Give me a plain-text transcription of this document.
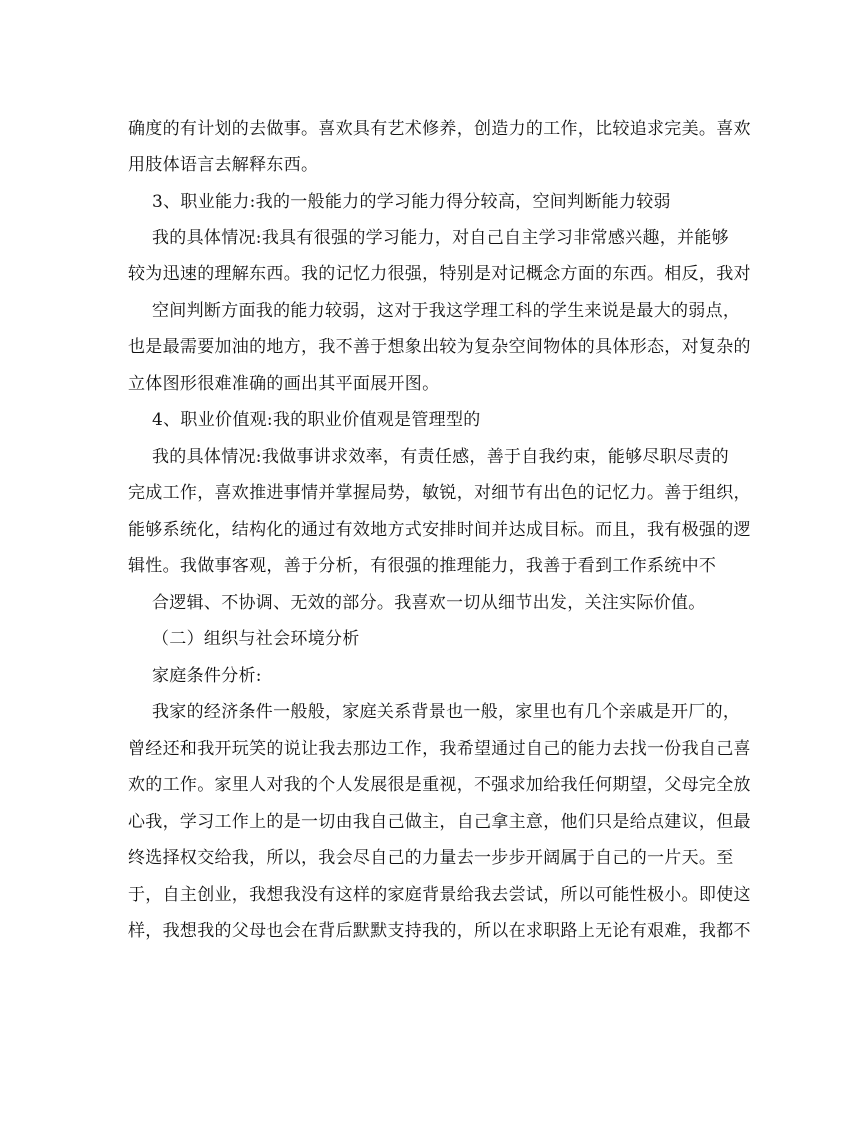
确度的有计划的去做事。喜欢具有艺术修养，创造力的工作，比较追求完美。喜欢
用肢体语言去解释东西。
3、职业能力:我的一般能力的学习能力得分较高，空间判断能力较弱
我的具体情况:我具有很强的学习能力，对自己自主学习非常感兴趣，并能够
较为迅速的理解东西。我的记忆力很强，特别是对记概念方面的东西。相反，我对
空间判断方面我的能力较弱，这对于我这学理工科的学生来说是最大的弱点，
也是最需要加油的地方，我不善于想象出较为复杂空间物体的具体形态，对复杂的
立体图形很难准确的画出其平面展开图。
4、职业价值观:我的职业价值观是管理型的
我的具体情况:我做事讲求效率，有责任感，善于自我约束，能够尽职尽责的
完成工作，喜欢推进事情并掌握局势，敏锐，对细节有出色的记忆力。善于组织，
能够系统化，结构化的通过有效地方式安排时间并达成目标。而且，我有极强的逻
辑性。我做事客观，善于分析，有很强的推理能力，我善于看到工作系统中不
合逻辑、不协调、无效的部分。我喜欢一切从细节出发，关注实际价值。
（二）组织与社会环境分析
家庭条件分析:
我家的经济条件一般般，家庭关系背景也一般，家里也有几个亲戚是开厂的，
曾经还和我开玩笑的说让我去那边工作，我希望通过自己的能力去找一份我自己喜
欢的工作。家里人对我的个人发展很是重视，不强求加给我任何期望，父母完全放
心我，学习工作上的是一切由我自己做主，自己拿主意，他们只是给点建议，但最
终选择权交给我，所以，我会尽自己的力量去一步步开阔属于自己的一片天。至
于，自主创业，我想我没有这样的家庭背景给我去尝试，所以可能性极小。即使这
样，我想我的父母也会在背后默默支持我的，所以在求职路上无论有艰难，我都不
